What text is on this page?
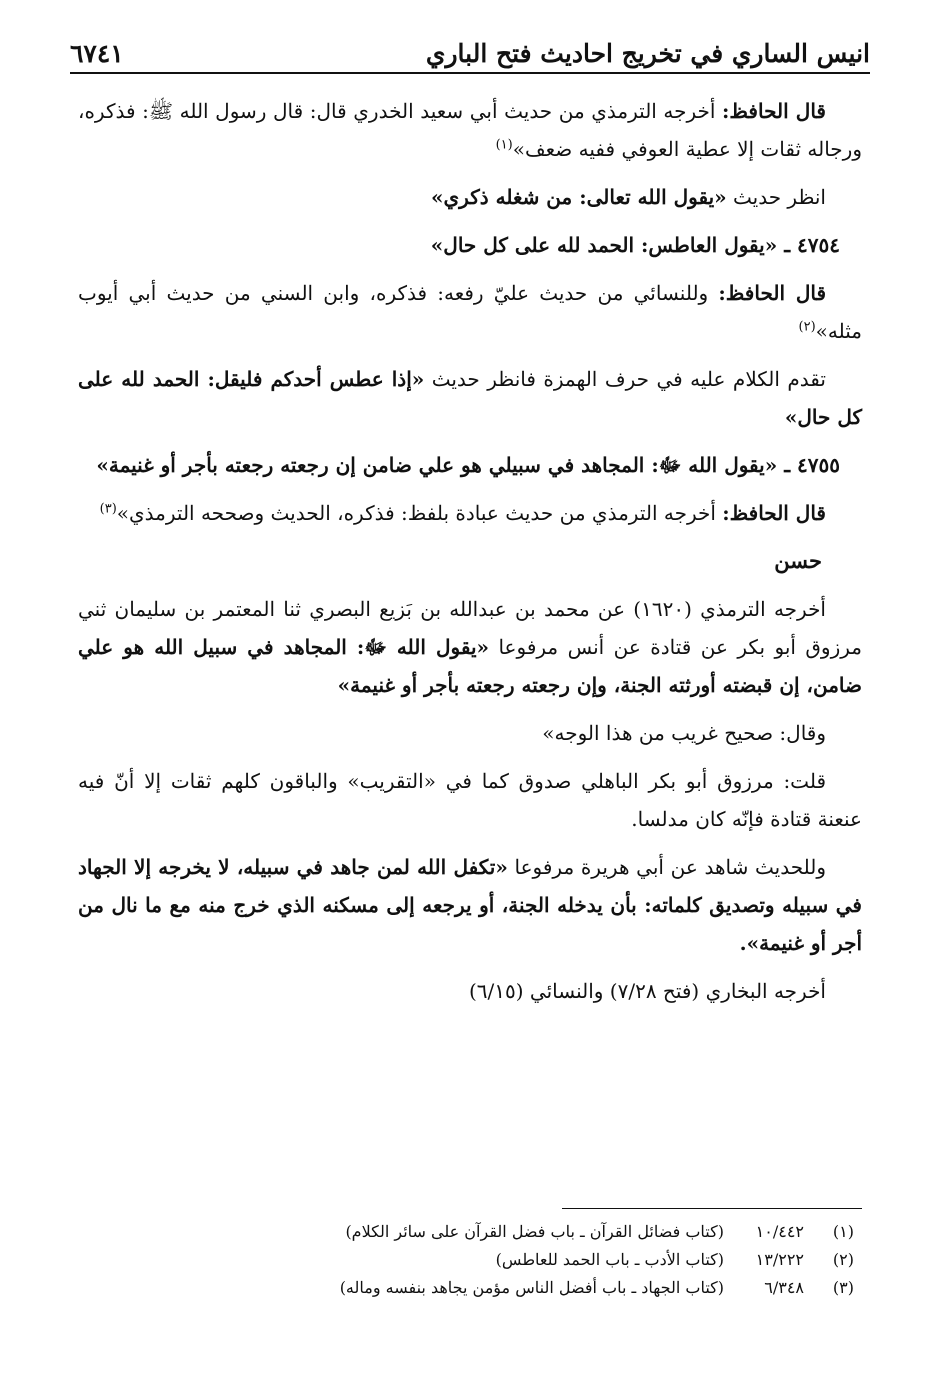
انيس الساري في تخريج احاديث فتح الباري
٦٧٤١

قال الحافظ: أخرجه الترمذي من حديث أبي سعيد الخدري قال: قال رسول الله ﷺ: فذكره، ورجاله ثقات إلا عطية العوفي ففيه ضعف»$^{(١)}$

انظر حديث «يقول الله تعالى: من شغله ذكري»

٤٧٥٤ ـ «يقول العاطس: الحمد لله على كل حال»

قال الحافظ: وللنسائي من حديث عليّ رفعه: فذكره، وابن السني من حديث أبي أيوب مثله»$^{(٢)}$

تقدم الكلام عليه في حرف الهمزة فانظر حديث «إذا عطس أحدكم فليقل: الحمد لله على كل حال»

٤٧٥٥ ـ «يقول الله ﷻ: المجاهد في سبيلي هو علي ضامن إن رجعته رجعته بأجر أو غنيمة»

قال الحافظ: أخرجه الترمذي من حديث عبادة بلفظ: فذكره، الحديث وصححه الترمذي»$^{(٣)}$

حسن

أخرجه الترمذي (١٦٢٠) عن محمد بن عبدالله بن بَزيع البصري ثنا المعتمر بن سليمان ثني مرزوق أبو بكر عن قتادة عن أنس مرفوعا «يقول الله ﷻ: المجاهد في سبيل الله هو علي ضامن، إن قبضته أورثته الجنة، وإن رجعته رجعته بأجر أو غنيمة»

وقال: صحيح غريب من هذا الوجه»

قلت: مرزوق أبو بكر الباهلي صدوق كما في «التقريب» والباقون كلهم ثقات إلا أنّ فيه عنعنة قتادة فإنّه كان مدلسا.

وللحديث شاهد عن أبي هريرة مرفوعا «تكفل الله لمن جاهد في سبيله، لا يخرجه إلا الجهاد في سبيله وتصديق كلماته: بأن يدخله الجنة، أو يرجعه إلى مسكنه الذي خرج منه مع ما نال من أجر أو غنيمة».

أخرجه البخاري (فتح ٧/٢٨) والنسائي (٦/١٥)

(١)
١٠/٤٤٢
(كتاب فضائل القرآن ـ باب فضل القرآن على سائر الكلام)
(٢)
١٣/٢٢٢
(كتاب الأدب ـ باب الحمد للعاطس)
(٣)
٦/٣٤٨
(كتاب الجهاد ـ باب أفضل الناس مؤمن يجاهد بنفسه وماله)
